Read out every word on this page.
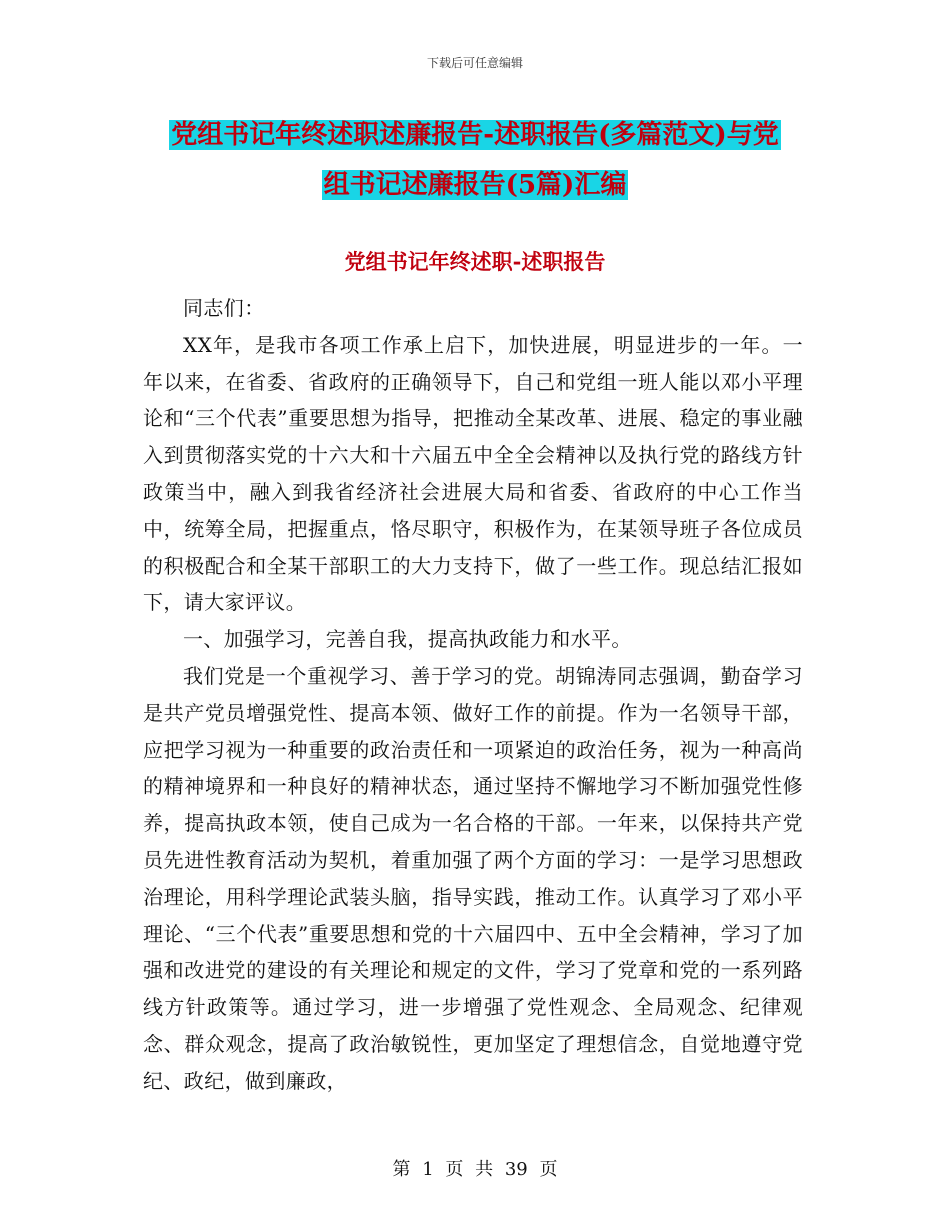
下载后可任意编辑
党组书记年终述职述廉报告-述职报告(多篇范文)与党
组书记述廉报告(5篇)汇编
党组书记年终述职-述职报告

同志们：

XX年，是我市各项工作承上启下，加快进展，明显进步的一年。一年以来，在省委、省政府的正确领导下，自己和党组一班人能以邓小平理论和“三个代表”重要思想为指导，把推动全某改革、进展、稳定的事业融入到贯彻落实党的十六大和十六届五中全全会精神以及执行党的路线方针政策当中，融入到我省经济社会进展大局和省委、省政府的中心工作当中，统筹全局，把握重点，恪尽职守，积极作为，在某领导班子各位成员的积极配合和全某干部职工的大力支持下，做了一些工作。现总结汇报如下，请大家评议。

一、加强学习，完善自我，提高执政能力和水平。

我们党是一个重视学习、善于学习的党。胡锦涛同志强调，勤奋学习是共产党员增强党性、提高本领、做好工作的前提。作为一名领导干部，应把学习视为一种重要的政治责任和一项紧迫的政治任务，视为一种高尚的精神境界和一种良好的精神状态，通过坚持不懈地学习不断加强党性修养，提高执政本领，使自己成为一名合格的干部。一年来，以保持共产党员先进性教育活动为契机，着重加强了两个方面的学习：一是学习思想政治理论，用科学理论武装头脑，指导实践，推动工作。认真学习了邓小平理论、“三个代表”重要思想和党的十六届四中、五中全会精神，学习了加强和改进党的建设的有关理论和规定的文件，学习了党章和党的一系列路线方针政策等。通过学习，进一步增强了党性观念、全局观念、纪律观念、群众观念，提高了政治敏锐性，更加坚定了理想信念，自觉地遵守党纪、政纪，做到廉政，

第 1 页 共 39 页
